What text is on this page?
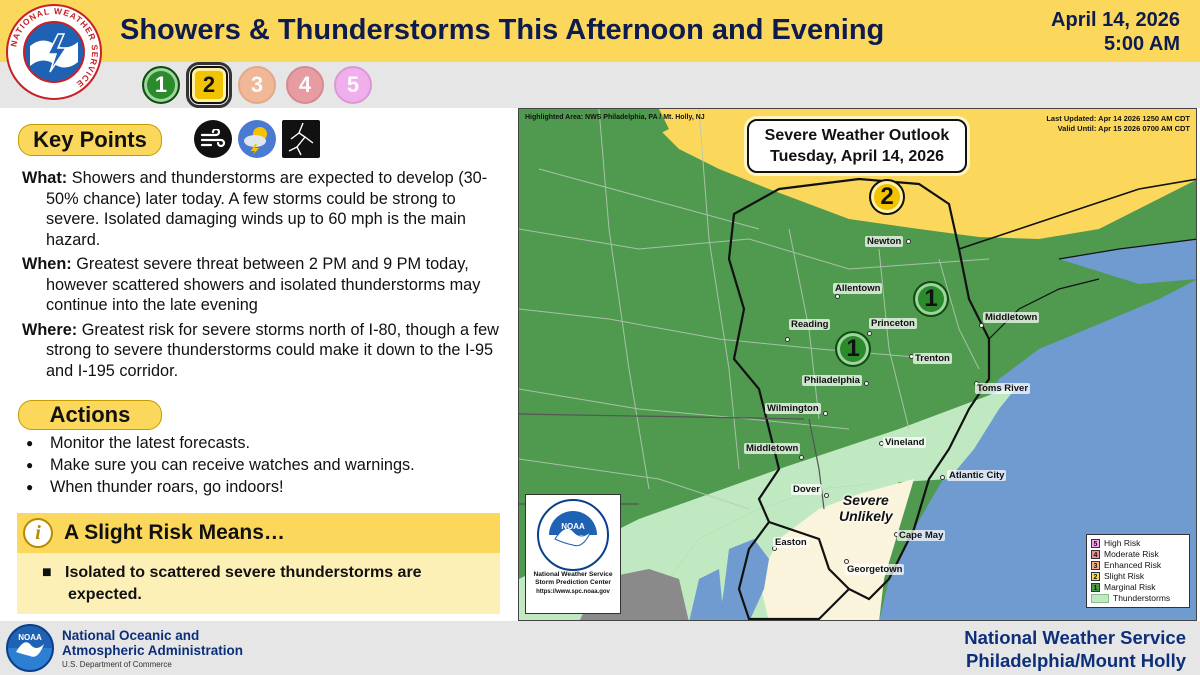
NATIONAL WEATHER SERVICE
Showers & Thunderstorms This Afternoon and Evening	April 14, 2026
5:00 AM
1	2	3	4	5
Key Points
What: Showers and thunderstorms are expected to develop (30-50% chance) later today. A few storms could be strong to severe. Isolated damaging winds up to 60 mph is the main hazard.
When: Greatest severe threat between 2 PM and 9 PM today, however scattered showers and isolated thunderstorms may continue into the late evening
Where: Greatest risk for severe storms north of I-80, though a few strong to severe thunderstorms could make it down to the I-95 and I-195 corridor.
Actions
● Monitor the latest forecasts.
● Make sure you can receive watches and warnings.
● When thunder roars, go indoors!
i	A Slight Risk Means…
■   Isolated to scattered severe thunderstorms are expected.
Highlighted Area: NWS Philadelphia, PA / Mt. Holly, NJ	Last Updated: Apr 14 2026 1250 AM CDT
Valid Until: Apr 15 2026 0700 AM CDT
Severe Weather Outlook
Tuesday, April 14, 2026
2
1
1
Newton
Allentown
Reading	Princeton
Middletown
Trenton
Philadelphia
Toms River
Wilmington
Vineland
Middletown
Atlantic City
Dover
Cape May
Easton
Georgetown
Severe
Unlikely
NOAA
National Weather Service
Storm Prediction Center
https://www.spc.noaa.gov
5 High Risk
4 Moderate Risk
3 Enhanced Risk
2 Slight Risk
1 Marginal Risk
Thunderstorms
NOAA National Oceanic and
Atmospheric Administration
U.S. Department of Commerce
National Weather Service
Philadelphia/Mount Holly
